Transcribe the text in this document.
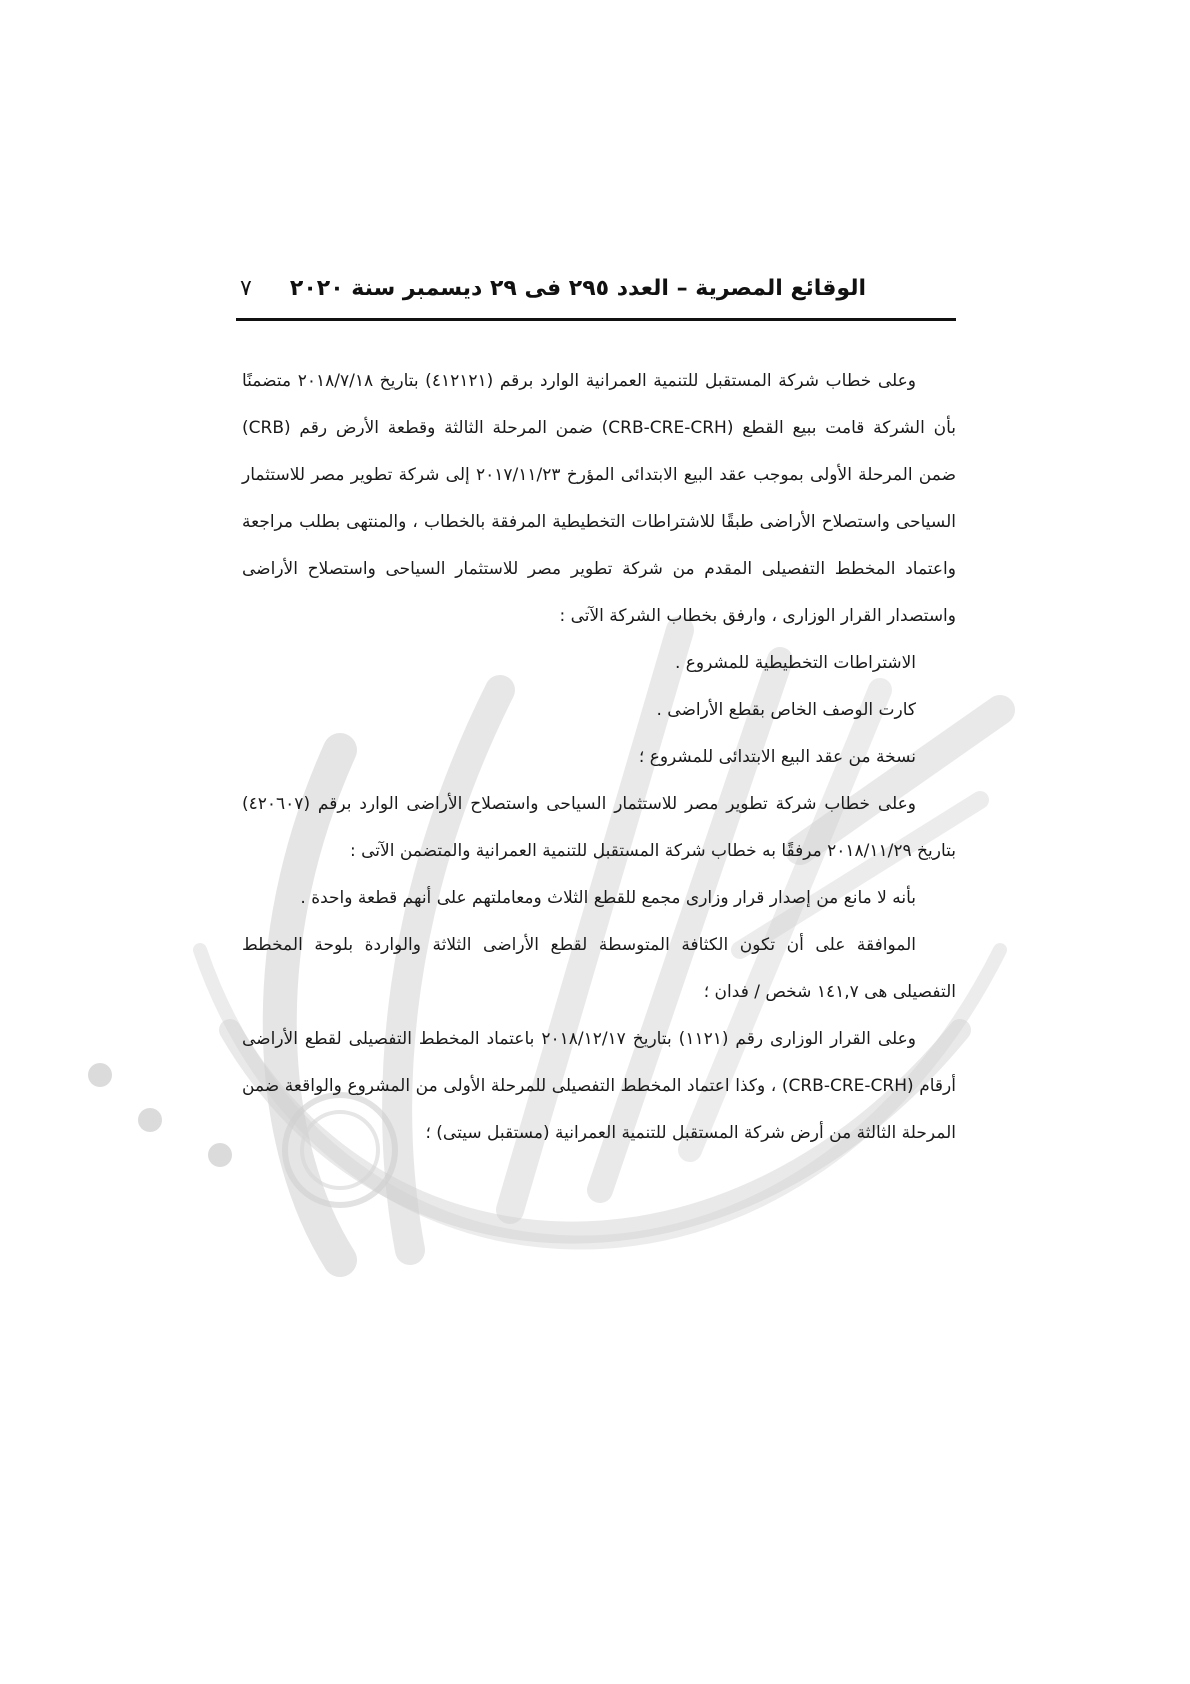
الوقائع المصرية – العدد ٢٩٥ فى ٢٩ ديسمبر سنة ٢٠٢٠
٧

وعلى خطاب شركة المستقبل للتنمية العمرانية الوارد برقم (٤١٢١٢١) بتاريخ ٢٠١٨/٧/١٨ متضمنًا بأن الشركة قامت ببيع القطع (CRB-CRE-CRH) ضمن المرحلة الثالثة وقطعة الأرض رقم (CRB) ضمن المرحلة الأولى بموجب عقد البيع الابتدائى المؤرخ ٢٠١٧/١١/٢٣ إلى شركة تطوير مصر للاستثمار السياحى واستصلاح الأراضى طبقًا للاشتراطات التخطيطية المرفقة بالخطاب ، والمنتهى بطلب مراجعة واعتماد المخطط التفصيلى المقدم من شركة تطوير مصر للاستثمار السياحى واستصلاح الأراضى واستصدار القرار الوزارى ، وارفق بخطاب الشركة الآتى :

الاشتراطات التخطيطية للمشروع .

كارت الوصف الخاص بقطع الأراضى .

نسخة من عقد البيع الابتدائى للمشروع ؛

وعلى خطاب شركة تطوير مصر للاستثمار السياحى واستصلاح الأراضى الوارد برقم (٤٢٠٦٠٧) بتاريخ ٢٠١٨/١١/٢٩ مرفقًا به خطاب شركة المستقبل للتنمية العمرانية والمتضمن الآتى :

بأنه لا مانع من إصدار قرار وزارى مجمع للقطع الثلاث ومعاملتهم على أنهم قطعة واحدة .

الموافقة على أن تكون الكثافة المتوسطة لقطع الأراضى الثلاثة والواردة بلوحة المخطط التفصيلى هى ١٤١,٧ شخص / فدان ؛

وعلى القرار الوزارى رقم (١١٢١) بتاريخ ٢٠١٨/١٢/١٧ باعتماد المخطط التفصيلى لقطع الأراضى أرقام (CRB-CRE-CRH) ، وكذا اعتماد المخطط التفصيلى للمرحلة الأولى من المشروع والواقعة ضمن المرحلة الثالثة من أرض شركة المستقبل للتنمية العمرانية (مستقبل سيتى) ؛
